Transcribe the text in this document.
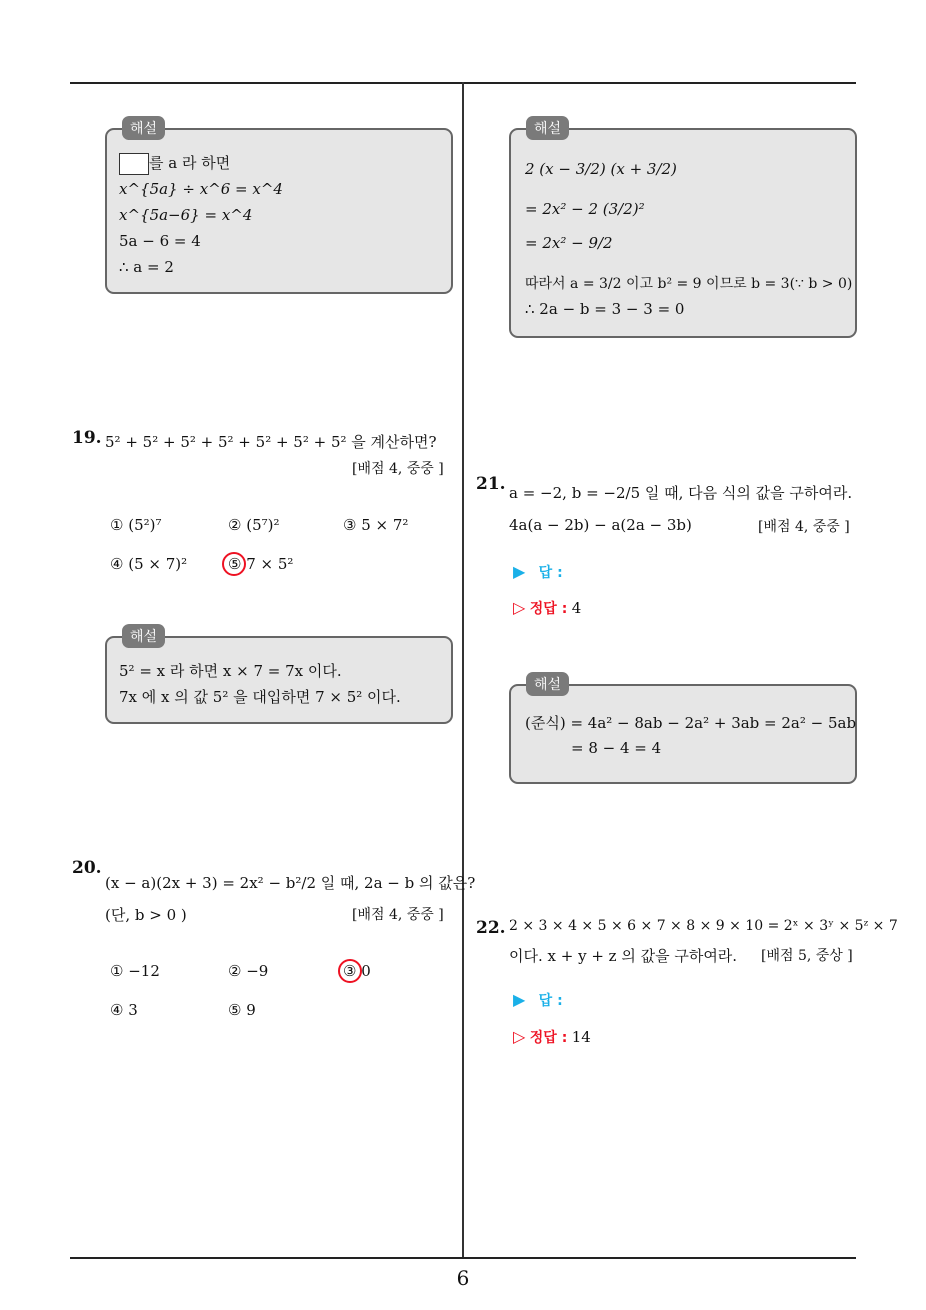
해설
를 a 라 하면
x^{5a} ÷ x^6 = x^4
x^{5a−6} = x^4
5a − 6 = 4
∴ a = 2
19. 5² + 5² + 5² + 5² + 5² + 5² + 5² 을 계산하면?
[배점 4, 중중 ]
① (5²)⁷	② (5⁷)²	③ 5 × 7²
④ (5 × 7)²	⑤ 7 × 5²
해설
5² = x 라 하면 x × 7 = 7x 이다.
7x 에 x 의 값 5² 을 대입하면 7 × 5² 이다.
20.
(x − a)(2x + 3) = 2x² − b²/2 일 때, 2a − b 의 값은?
(단, b > 0 )	[배점 4, 중중 ]
① −12	② −9	③ 0
④ 3	⑤ 9
해설
2 (x − 3/2) (x + 3/2)
= 2x² − 2 (3/2)²
= 2x² − 9/2
따라서 a = 3/2 이고 b² = 9 이므로 b = 3(∵ b > 0)
∴ 2a − b = 3 − 3 = 0
21. a = −2, b = −2/5 일 때, 다음 식의 값을 구하여라.
4a(a − 2b) − a(2a − 3b)	[배점 4, 중중 ]
▶ 답 :
▷ 정답 : 4
해설
(준식) = 4a² − 8ab − 2a² + 3ab = 2a² − 5ab
= 8 − 4 = 4
22. 2 × 3 × 4 × 5 × 6 × 7 × 8 × 9 × 10 = 2ˣ × 3ʸ × 5ᶻ × 7
이다. x + y + z 의 값을 구하여라. [배점 5, 중상 ]
▶ 답 :
▷ 정답 : 14
6
